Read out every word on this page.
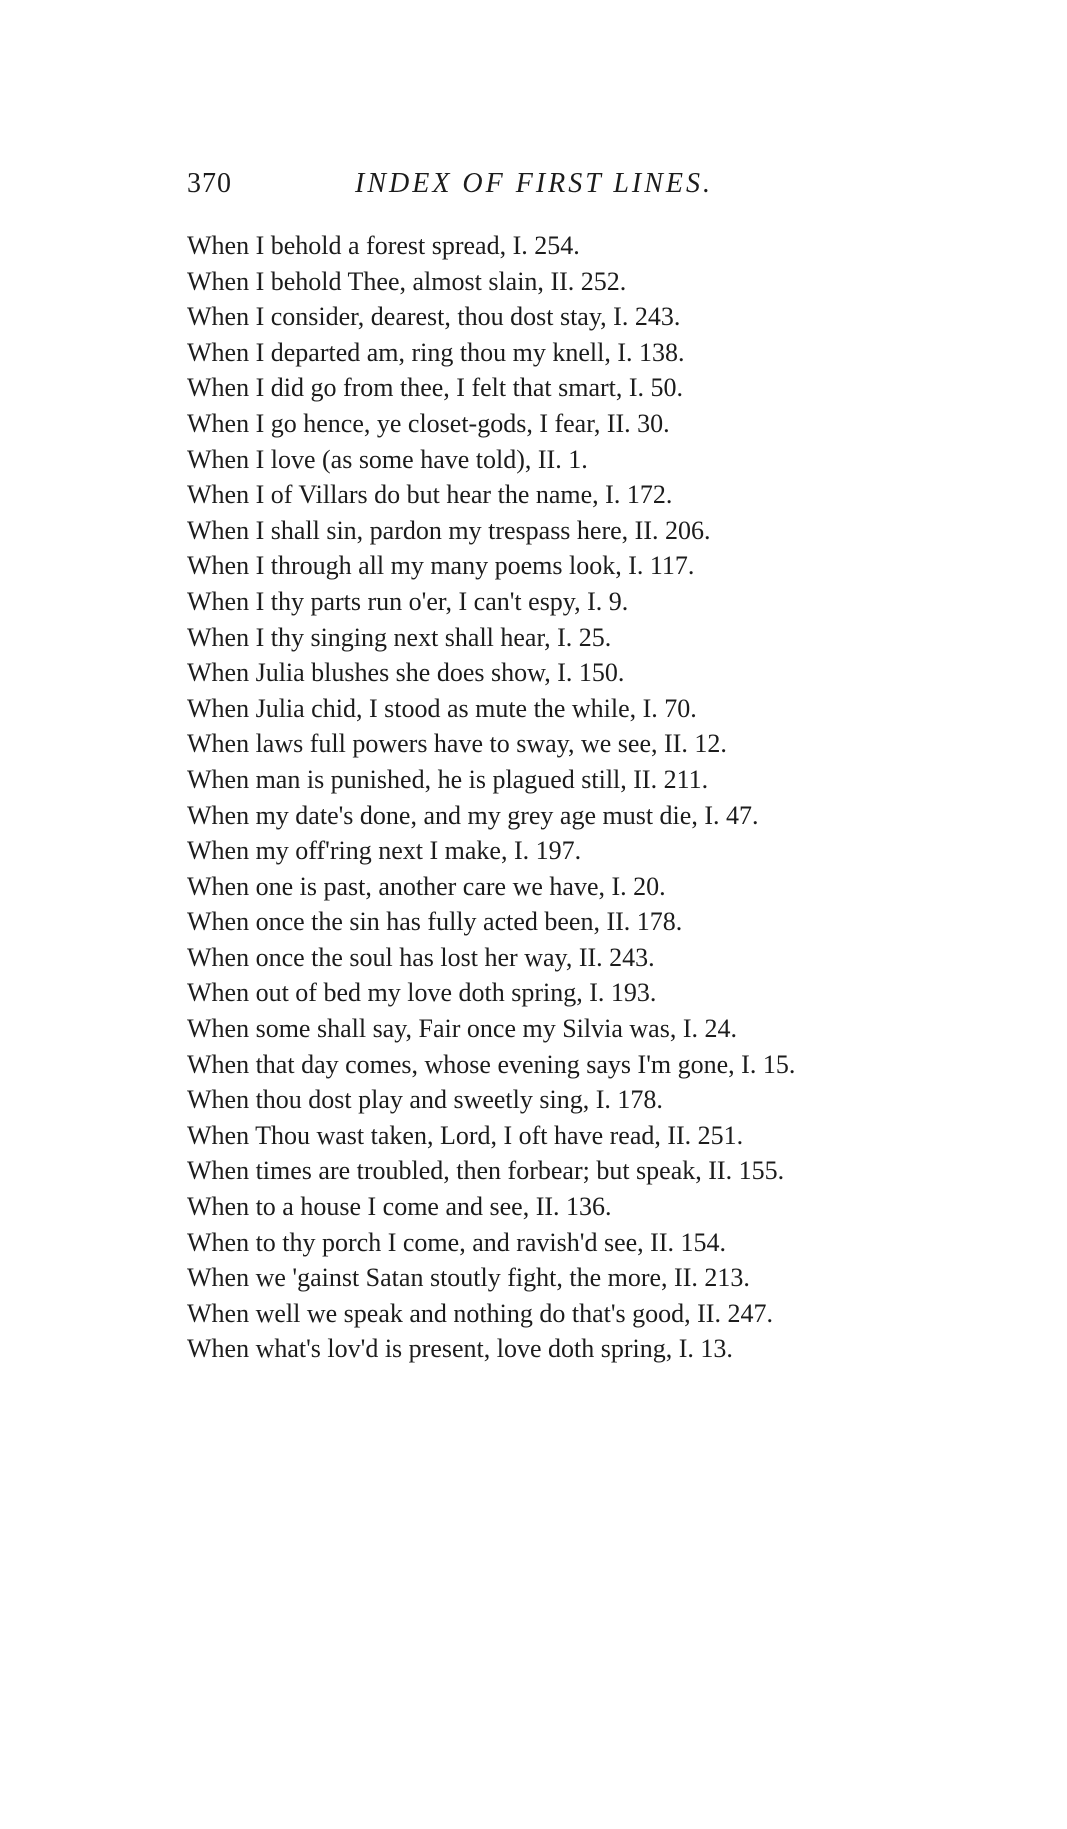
370	INDEX OF FIRST LINES.
When I behold a forest spread, I. 254.
When I behold Thee, almost slain, II. 252.
When I consider, dearest, thou dost stay, I. 243.
When I departed am, ring thou my knell, I. 138.
When I did go from thee, I felt that smart, I. 50.
When I go hence, ye closet-gods, I fear, II. 30.
When I love (as some have told), II. 1.
When I of Villars do but hear the name, I. 172.
When I shall sin, pardon my trespass here, II. 206.
When I through all my many poems look, I. 117.
When I thy parts run o'er, I can't espy, I. 9.
When I thy singing next shall hear, I. 25.
When Julia blushes she does show, I. 150.
When Julia chid, I stood as mute the while, I. 70.
When laws full powers have to sway, we see, II. 12.
When man is punished, he is plagued still, II. 211.
When my date's done, and my grey age must die, I. 47.
When my off'ring next I make, I. 197.
When one is past, another care we have, I. 20.
When once the sin has fully acted been, II. 178.
When once the soul has lost her way, II. 243.
When out of bed my love doth spring, I. 193.
When some shall say, Fair once my Silvia was, I. 24.
When that day comes, whose evening says I'm gone, I. 15.
When thou dost play and sweetly sing, I. 178.
When Thou wast taken, Lord, I oft have read, II. 251.
When times are troubled, then forbear; but speak, II. 155.
When to a house I come and see, II. 136.
When to thy porch I come, and ravish'd see, II. 154.
When we 'gainst Satan stoutly fight, the more, II. 213.
When well we speak and nothing do that's good, II. 247.
When what's lov'd is present, love doth spring, I. 13.
